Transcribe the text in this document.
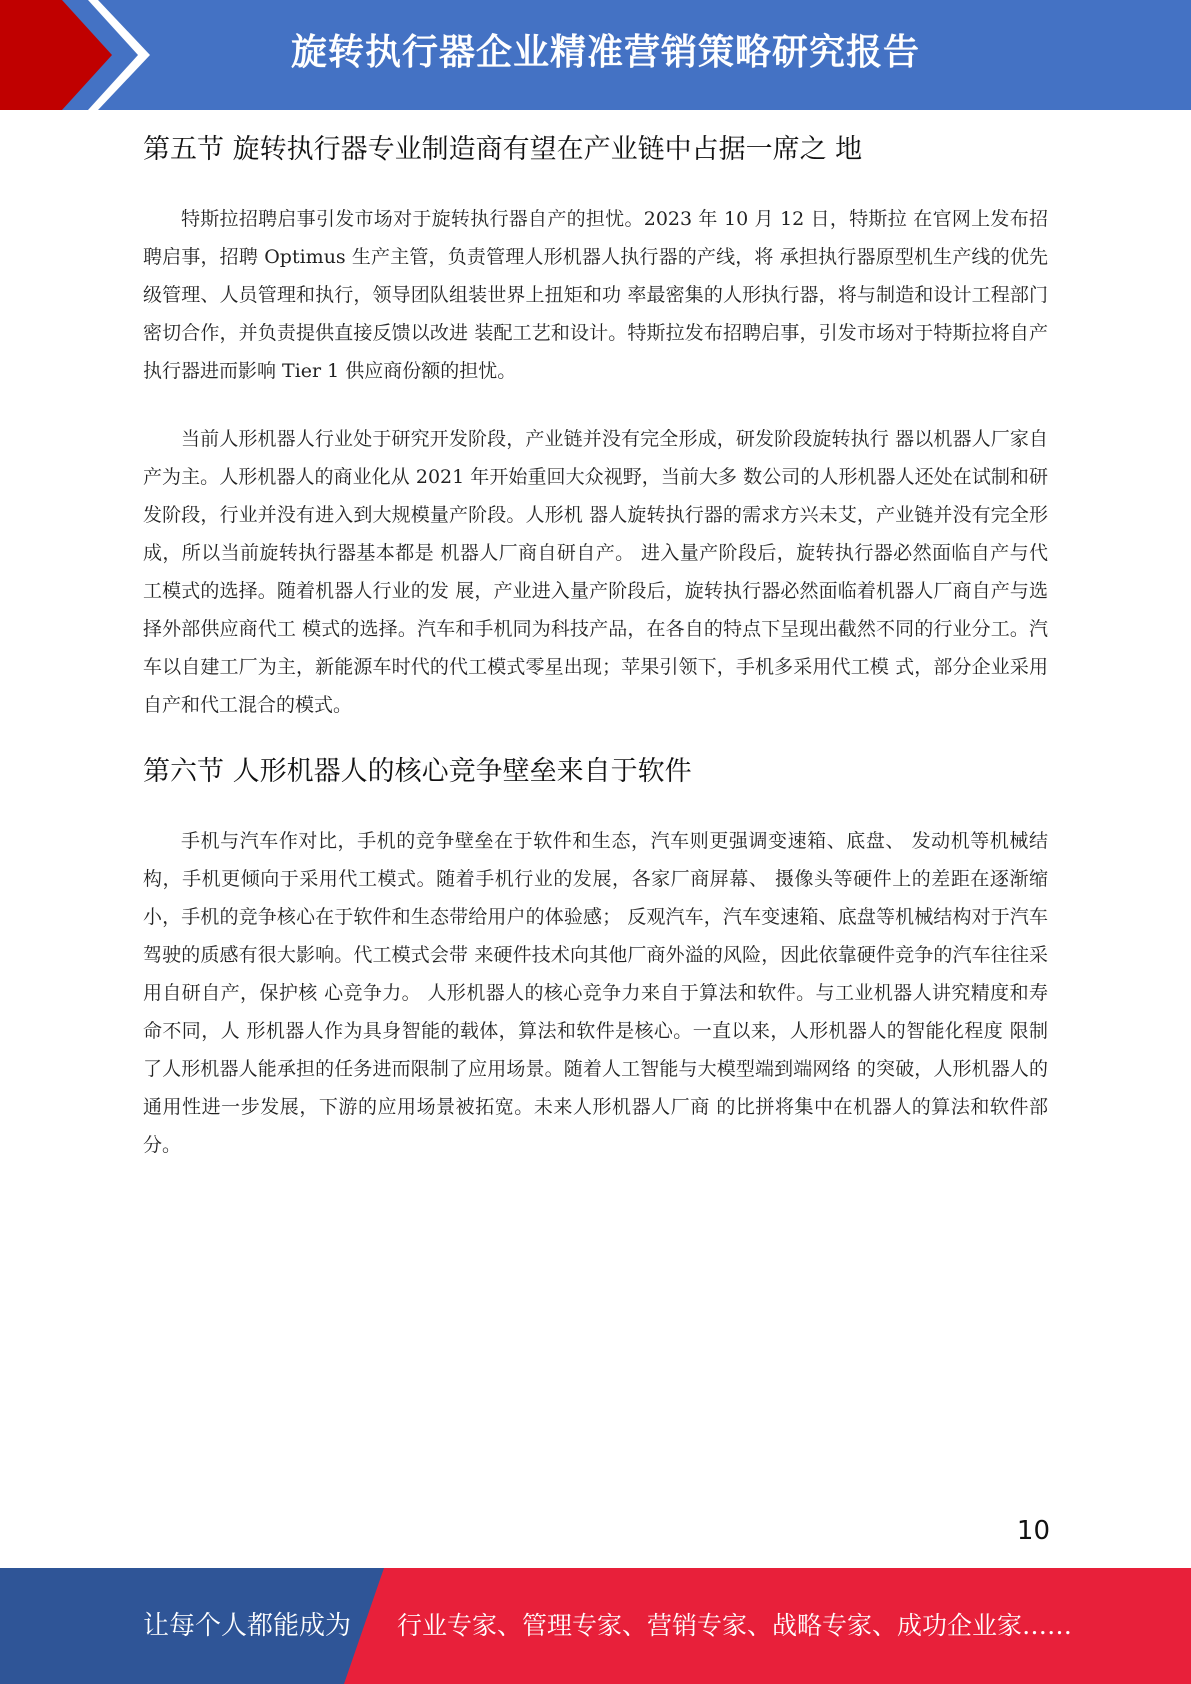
旋转执行器企业精准营销策略研究报告
第五节 旋转执行器专业制造商有望在产业链中占据一席之 地

特斯拉招聘启事引发市场对于旋转执行器自产的担忧。2023 年 10 月 12 日，特斯拉 在官网上发布招聘启事，招聘 Optimus 生产主管，负责管理人形机器人执行器的产线，将 承担执行器原型机生产线的优先级管理、人员管理和执行，领导团队组装世界上扭矩和功 率最密集的人形执行器，将与制造和设计工程部门密切合作，并负责提供直接反馈以改进 装配工艺和设计。特斯拉发布招聘启事，引发市场对于特斯拉将自产执行器进而影响 Tier 1 供应商份额的担忧。

当前人形机器人行业处于研究开发阶段，产业链并没有完全形成，研发阶段旋转执行 器以机器人厂家自产为主。人形机器人的商业化从 2021 年开始重回大众视野，当前大多 数公司的人形机器人还处在试制和研发阶段，行业并没有进入到大规模量产阶段。人形机 器人旋转执行器的需求方兴未艾，产业链并没有完全形成，所以当前旋转执行器基本都是 机器人厂商自研自产。 进入量产阶段后，旋转执行器必然面临自产与代工模式的选择。随着机器人行业的发 展，产业进入量产阶段后，旋转执行器必然面临着机器人厂商自产与选择外部供应商代工 模式的选择。汽车和手机同为科技产品，在各自的特点下呈现出截然不同的行业分工。汽 车以自建工厂为主，新能源车时代的代工模式零星出现；苹果引领下，手机多采用代工模 式，部分企业采用自产和代工混合的模式。

第六节 人形机器人的核心竞争壁垒来自于软件

手机与汽车作对比，手机的竞争壁垒在于软件和生态，汽车则更强调变速箱、底盘、 发动机等机械结构，手机更倾向于采用代工模式。随着手机行业的发展，各家厂商屏幕、 摄像头等硬件上的差距在逐渐缩小，手机的竞争核心在于软件和生态带给用户的体验感； 反观汽车，汽车变速箱、底盘等机械结构对于汽车驾驶的质感有很大影响。代工模式会带 来硬件技术向其他厂商外溢的风险，因此依靠硬件竞争的汽车往往采用自研自产，保护核 心竞争力。 人形机器人的核心竞争力来自于算法和软件。与工业机器人讲究精度和寿命不同，人 形机器人作为具身智能的载体，算法和软件是核心。一直以来，人形机器人的智能化程度 限制了人形机器人能承担的任务进而限制了应用场景。随着人工智能与大模型端到端网络 的突破，人形机器人的通用性进一步发展，下游的应用场景被拓宽。未来人形机器人厂商 的比拼将集中在机器人的算法和软件部分。

10
让每个人都能成为 行业专家、管理专家、营销专家、战略专家、成功企业家……
